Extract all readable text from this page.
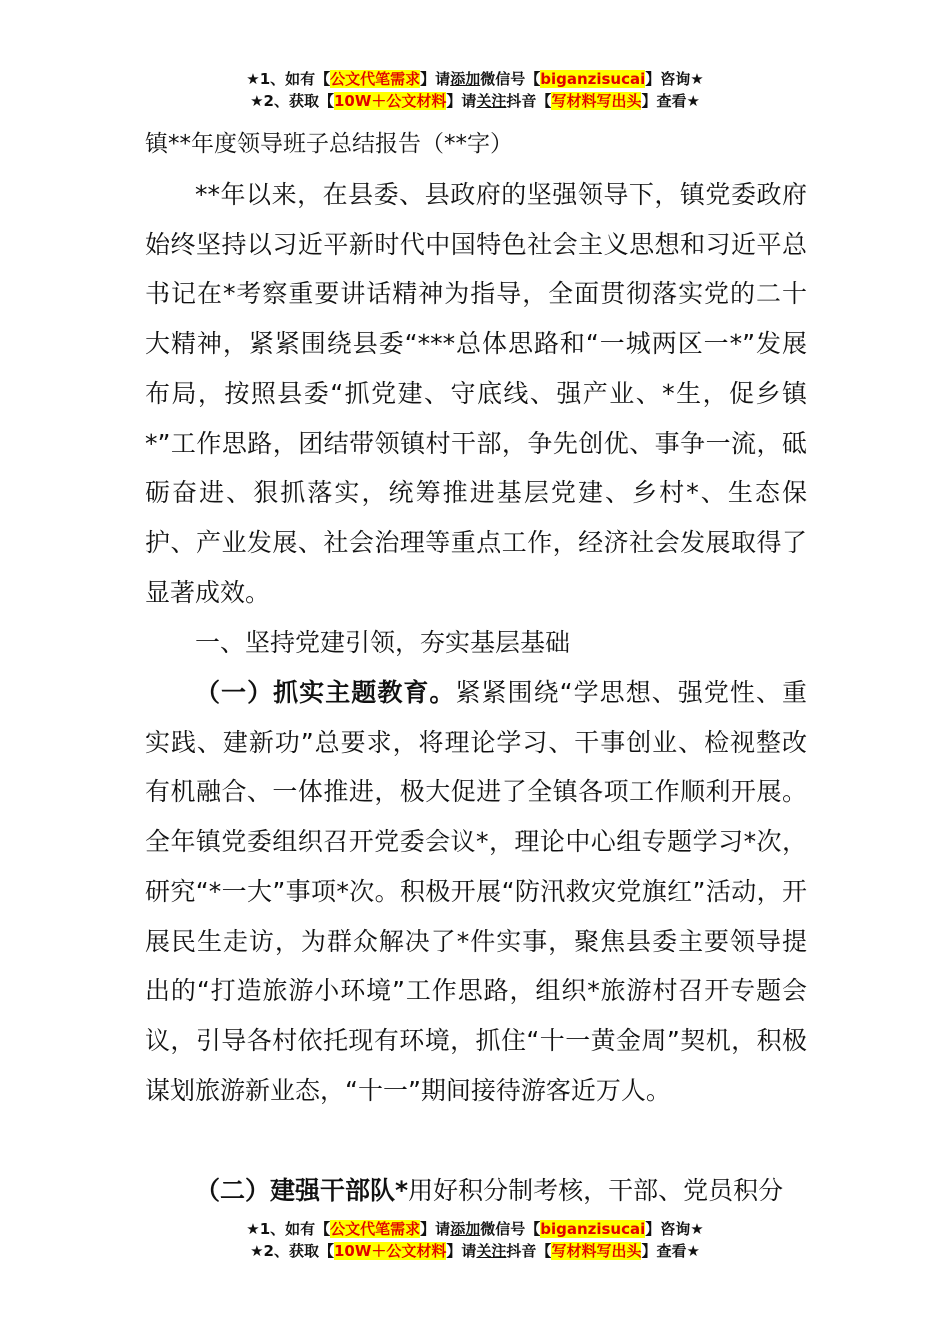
★1、如有【公文代笔需求】请添加微信号【biganzisucai】咨询★
★2、获取【10W＋公文材料】请关注抖音【写材料写出头】查看★
镇**年度领导班子总结报告（**字）
**年以来，在县委、县政府的坚强领导下，镇党委政府始终坚持以习近平新时代中国特色社会主义思想和习近平总书记在*考察重要讲话精神为指导，全面贯彻落实党的二十大精神，紧紧围绕县委“***总体思路和“一城两区一*”发展布局，按照县委“抓党建、守底线、强产业、*生，促乡镇*”工作思路，团结带领镇村干部，争先创优、事争一流，砥砺奋进、狠抓落实，统筹推进基层党建、乡村*、生态保护、产业发展、社会治理等重点工作，经济社会发展取得了显著成效。
一、坚持党建引领，夯实基层基础
（一）抓实主题教育。紧紧围绕“学思想、强党性、重实践、建新功”总要求，将理论学习、干事创业、检视整改有机融合、一体推进，极大促进了全镇各项工作顺利开展。全年镇党委组织召开党委会议*，理论中心组专题学习*次，研究“*一大”事项*次。积极开展“防汛救灾党旗红”活动，开展民生走访，为群众解决了*件实事，聚焦县委主要领导提出的“打造旅游小环境”工作思路，组织*旅游村召开专题会议，引导各村依托现有环境，抓住“十一黄金周”契机，积极谋划旅游新业态，“十一”期间接待游客近万人。
（二）建强干部队*用好积分制考核，干部、党员积分
★1、如有【公文代笔需求】请添加微信号【biganzisucai】咨询★
★2、获取【10W＋公文材料】请关注抖音【写材料写出头】查看★
